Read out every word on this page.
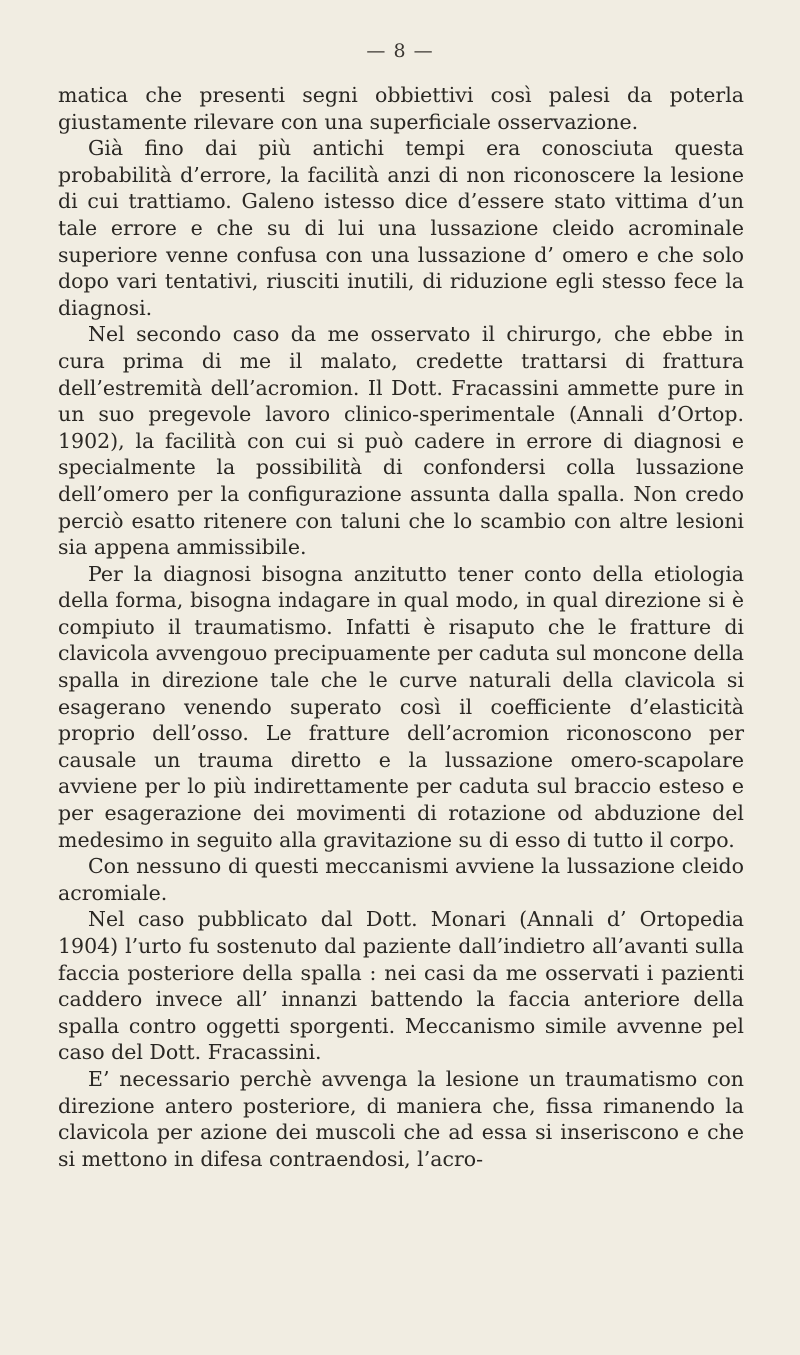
— 8 —

matica che presenti segni obbiettivi così palesi da poterla giustamente rilevare con una superficiale osservazione.

Già fino dai più antichi tempi era conosciuta questa probabilità d’errore, la facilità anzi di non riconoscere la lesione di cui trattiamo. Galeno istesso dice d’essere stato vittima d’un tale errore e che su di lui una lussazione cleido acrominale superiore venne confusa con una lussazione d’ omero e che solo dopo vari tentativi, riusciti inutili, di riduzione egli stesso fece la diagnosi.

Nel secondo caso da me osservato il chirurgo, che ebbe in cura prima di me il malato, credette trattarsi di frattura dell’estremità dell’acromion. Il Dott. Fracassini ammette pure in un suo pregevole lavoro clinico-sperimentale (Annali d’Ortop. 1902), la facilità con cui si può cadere in errore di diagnosi e specialmente la possibilità di confondersi colla lussazione dell’omero per la configurazione assunta dalla spalla. Non credo perciò esatto ritenere con taluni che lo scambio con altre lesioni sia appena ammissibile.

Per la diagnosi bisogna anzitutto tener conto della etiologia della forma, bisogna indagare in qual modo, in qual direzione si è compiuto il traumatismo. Infatti è risaputo che le fratture di clavicola avvengouo precipuamente per caduta sul moncone della spalla in direzione tale che le curve naturali della clavicola si esagerano venendo superato così il coefficiente d’elasticità proprio dell’osso. Le fratture dell’acromion riconoscono per causale un trauma diretto e la lussazione omero-scapolare avviene per lo più indirettamente per caduta sul braccio esteso e per esagerazione dei movimenti di rotazione od abduzione del medesimo in seguito alla gravitazione su di esso di tutto il corpo.

Con nessuno di questi meccanismi avviene la lussazione cleido acromiale.

Nel caso pubblicato dal Dott. Monari (Annali d’ Ortopedia 1904) l’urto fu sostenuto dal paziente dall’indietro all’avanti sulla faccia posteriore della spalla : nei casi da me osservati i pazienti caddero invece all’ innanzi battendo la faccia anteriore della spalla contro oggetti sporgenti. Meccanismo simile avvenne pel caso del Dott. Fracassini.

E’ necessario perchè avvenga la lesione un traumatismo con direzione antero posteriore, di maniera che, fissa rimanendo la clavicola per azione dei muscoli che ad essa si inseriscono e che si mettono in difesa contraendosi, l’acro-
